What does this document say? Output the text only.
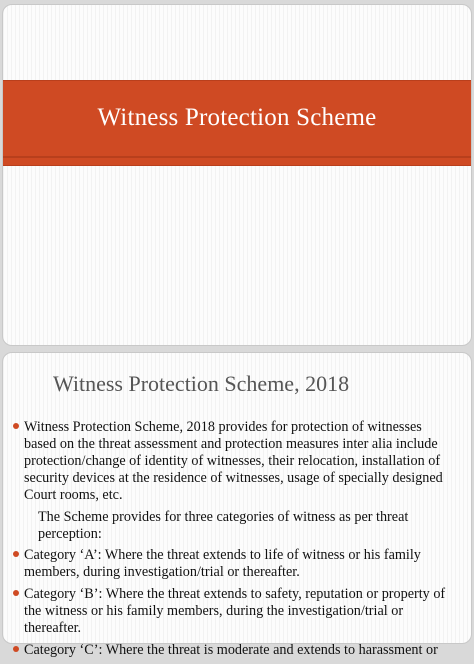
Witness Protection Scheme
Witness Protection Scheme, 2018
Witness Protection Scheme, 2018 provides for protection of witnesses based on the threat assessment and protection measures inter alia include protection/change of identity of witnesses, their relocation, installation of security devices at the residence of witnesses, usage of specially designed Court rooms, etc.
The Scheme provides for three categories of witness as per threat perception:
Category ‘A’: Where the threat extends to life of witness or his family members, during investigation/trial or thereafter.
Category ‘B’: Where the threat extends to safety, reputation or property of the witness or his family members, during the investigation/trial or thereafter.
Category ‘C’: Where the threat is moderate and extends to harassment or
